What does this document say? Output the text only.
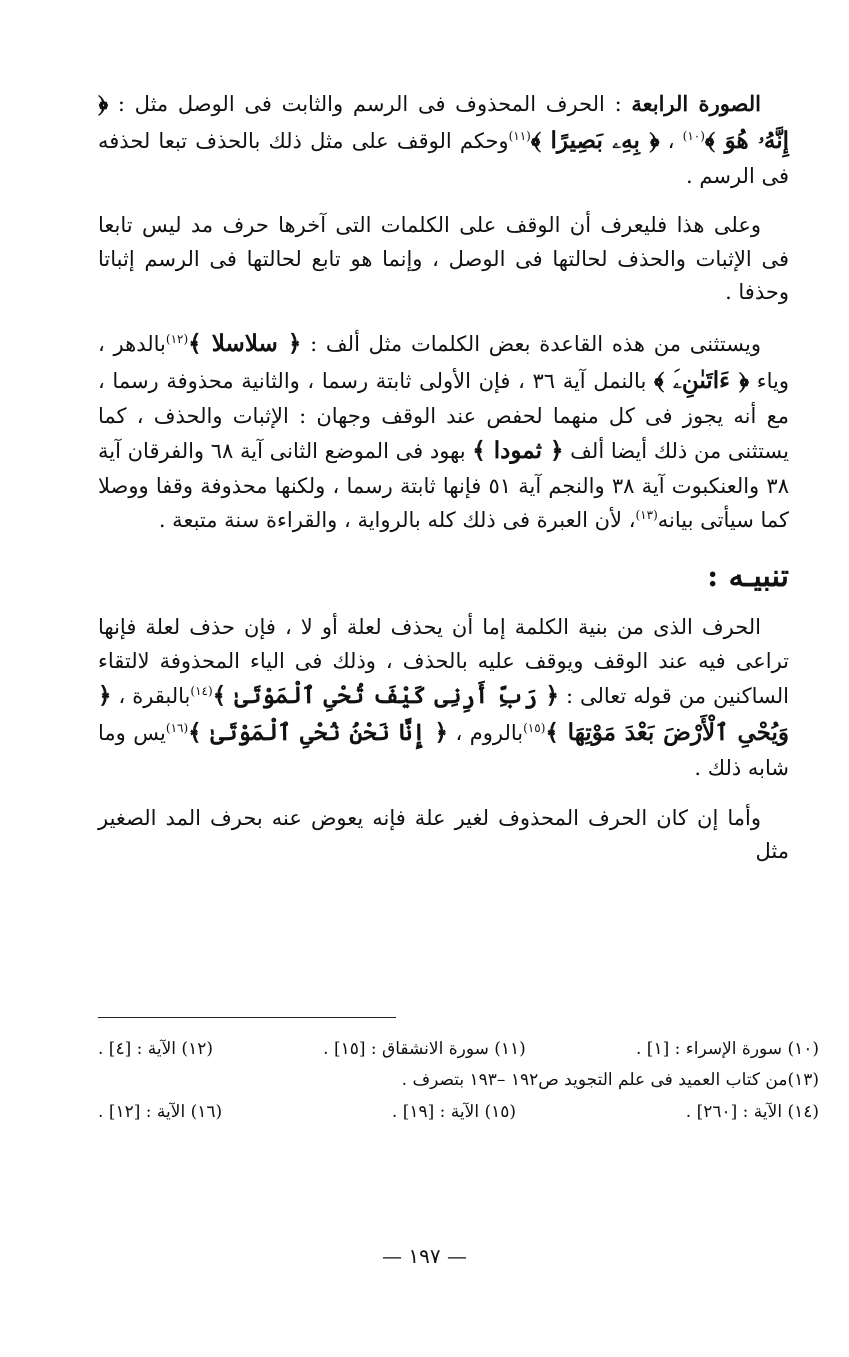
الصورة الرابعة : الحرف المحذوف فى الرسم والثابت فى الوصل مثل : ﴿ إِنَّهُۥ هُوَ ﴾$^{(١٠)}$ ، ﴿ بِهِۦ بَصِيرًا ﴾$^{(١١)}$وحكم الوقف على مثل ذلك بالحذف تبعا لحذفه فى الرسم .

وعلى هذا فليعرف أن الوقف على الكلمات التى آخرها حرف مد ليس تابعا فى الإثبات والحذف لحالتها فى الوصل ، وإنما هو تابع لحالتها فى الرسم إثباتا وحذفا .

ويستثنى من هذه القاعدة بعض الكلمات مثل ألف : ﴿ سلاسلا ﴾$^{(١٢)}$بالدهر ، وياء ﴿ ءَاتَىٰنِۦَ ﴾ بالنمل آية ٣٦ ، فإن الأولى ثابتة رسما ، والثانية محذوفة رسما ، مع أنه يجوز فى كل منهما لحفص عند الوقف وجهان : الإثبات والحذف ، كما يستثنى من ذلك أيضا ألف ﴿ ثمودا ﴾ بهود فى الموضع الثانى آية ٦٨ والفرقان آية ٣٨ والعنكبوت آية ٣٨ والنجم آية ٥١ فإنها ثابتة رسما ، ولكنها محذوفة وقفا ووصلا كما سيأتى بيانه$^{(١٣)}$، لأن العبرة فى ذلك كله بالرواية ، والقراءة سنة متبعة .

تنبيـه :

الحرف الذى من بنية الكلمة إما أن يحذف لعلة أو لا ، فإن حذف لعلة فإنها تراعى فيه عند الوقف ويوقف عليه بالحذف ، وذلك فى الياء المحذوفة لالتقاء الساكنين من قوله تعالى : ﴿ رَبِّ أَرِنِى كَيْفَ تُحْىِ ٱلْمَوْتَىٰ ﴾$^{(١٤)}$بالبقرة ، ﴿ وَيُحْىِ ٱلْأَرْضَ بَعْدَ مَوْتِهَا ﴾$^{(١٥)}$بالروم ، ﴿ إِنَّا نَحْنُ نُحْىِ ٱلْمَوْتَىٰ ﴾$^{(١٦)}$يس وما شابه ذلك .

وأما إن كان الحرف المحذوف لغير علة فإنه يعوض عنه بحرف المد الصغير مثل

(١٠) سورة الإسراء : [١] .
(١١) سورة الانشقاق : [١٥] .
(١٢) الآية : [٤] .
(١٣)من كتاب العميد فى علم التجويد ص١٩٢ –١٩٣ بتصرف .
(١٤) الآية : [٢٦٠] .
(١٥) الآية : [١٩] .
(١٦) الآية : [١٢] .
— ١٩٧ —
